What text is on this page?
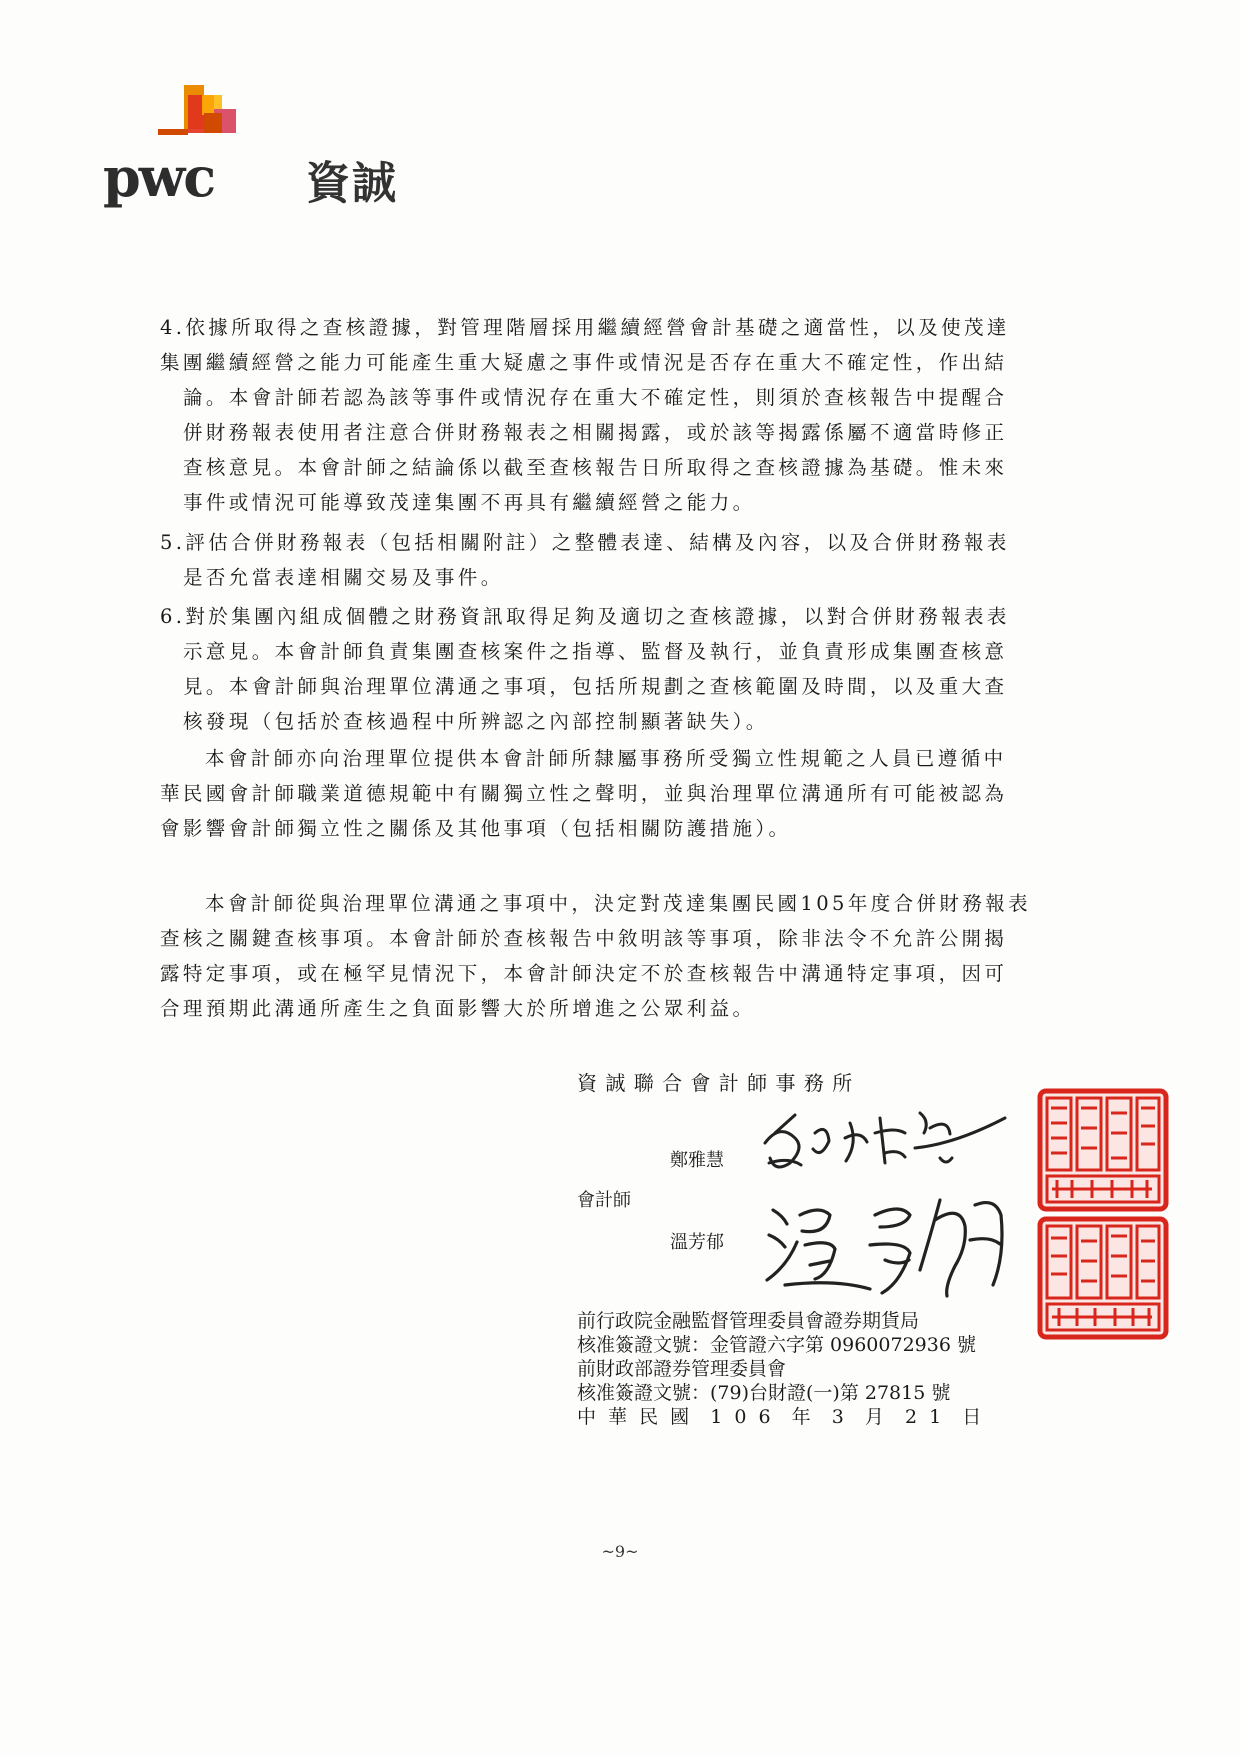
pwc 資誠
4.依據所取得之查核證據，對管理階層採用繼續經營會計基礎之適當性，以及使茂達
集團繼續經營之能力可能產生重大疑慮之事件或情況是否存在重大不確定性，作出結
論。本會計師若認為該等事件或情況存在重大不確定性，則須於查核報告中提醒合
併財務報表使用者注意合併財務報表之相關揭露，或於該等揭露係屬不適當時修正
查核意見。本會計師之結論係以截至查核報告日所取得之查核證據為基礎。惟未來
事件或情況可能導致茂達集團不再具有繼續經營之能力。
5.評估合併財務報表（包括相關附註）之整體表達、結構及內容，以及合併財務報表
是否允當表達相關交易及事件。
6.對於集團內組成個體之財務資訊取得足夠及適切之查核證據，以對合併財務報表表
示意見。本會計師負責集團查核案件之指導、監督及執行，並負責形成集團查核意
見。本會計師與治理單位溝通之事項，包括所規劃之查核範圍及時間，以及重大查
核發現（包括於查核過程中所辨認之內部控制顯著缺失）。
本會計師亦向治理單位提供本會計師所隸屬事務所受獨立性規範之人員已遵循中
華民國會計師職業道德規範中有關獨立性之聲明，並與治理單位溝通所有可能被認為
會影響會計師獨立性之關係及其他事項（包括相關防護措施）。
本會計師從與治理單位溝通之事項中，決定對茂達集團民國105年度合併財務報表
查核之關鍵查核事項。本會計師於查核報告中敘明該等事項，除非法令不允許公開揭
露特定事項，或在極罕見情況下，本會計師決定不於查核報告中溝通特定事項，因可
合理預期此溝通所產生之負面影響大於所增進之公眾利益。
資 誠 聯 合 會 計 師 事 務 所
鄭雅慧
會計師
溫芳郁
前行政院金融監督管理委員會證券期貨局
核准簽證文號：金管證六字第 0960072936 號
前財政部證券管理委員會
核准簽證文號：(79)台財證(一)第 27815 號
中 華 民 國  1 0 6  年  3  月  2 1  日
~9~
